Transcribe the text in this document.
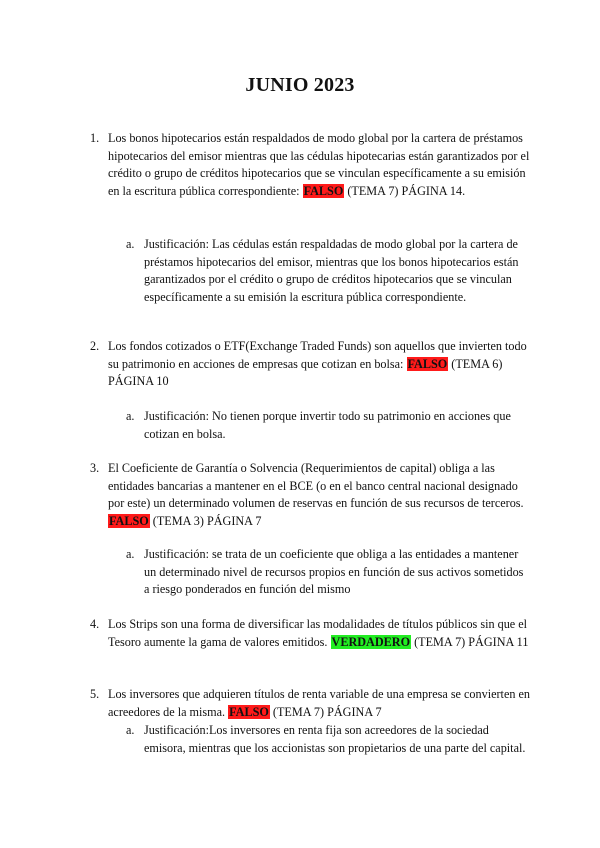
JUNIO 2023
1. Los bonos hipotecarios están respaldados de modo global por la cartera de préstamos hipotecarios del emisor mientras que las cédulas hipotecarias están garantizados por el crédito o grupo de créditos hipotecarios que se vinculan específicamente a su emisión en la escritura pública correspondiente: FALSO (TEMA 7) PÁGINA 14.
a. Justificación: Las cédulas están respaldadas de modo global por la cartera de préstamos hipotecarios del emisor, mientras que los bonos hipotecarios están garantizados por el crédito o grupo de créditos hipotecarios que se vinculan específicamente a su emisión la escritura pública correspondiente.
2. Los fondos cotizados o ETF(Exchange Traded Funds) son aquellos que invierten todo su patrimonio en acciones de empresas que cotizan en bolsa: FALSO (TEMA 6) PÁGINA 10
a. Justificación: No tienen porque invertir todo su patrimonio en acciones que cotizan en bolsa.
3. El Coeficiente de Garantía o Solvencia (Requerimientos de capital) obliga a las entidades bancarias a mantener en el BCE (o en el banco central nacional designado por este) un determinado volumen de reservas en función de sus recursos de terceros. FALSO (TEMA 3) PÁGINA 7
a. Justificación: se trata de un coeficiente que obliga a las entidades a mantener un determinado nivel de recursos propios en función de sus activos sometidos a riesgo ponderados en función del mismo
4. Los Strips son una forma de diversificar las modalidades de títulos públicos sin que el Tesoro aumente la gama de valores emitidos. VERDADERO (TEMA 7) PÁGINA 11
5. Los inversores que adquieren títulos de renta variable de una empresa se convierten en acreedores de la misma. FALSO (TEMA 7) PÁGINA 7
a. Justificación:Los inversores en renta fija son acreedores de la sociedad emisora, mientras que los accionistas son propietarios de una parte del capital.
